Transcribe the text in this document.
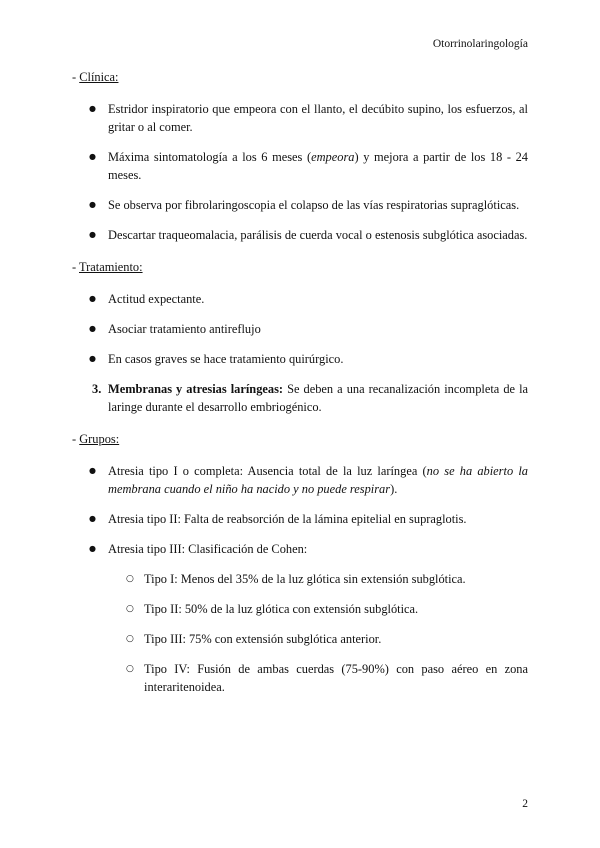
Otorrinolaringología
- Clínica:
● Estridor inspiratorio que empeora con el llanto, el decúbito supino, los esfuerzos, al gritar o al comer.
● Máxima sintomatología a los 6 meses (empeora) y mejora a partir de los 18 - 24 meses.
● Se observa por fibrolaringoscopia el colapso de las vías respiratorias supraglóticas.
● Descartar traqueomalacia, parálisis de cuerda vocal o estenosis subglótica asociadas.
- Tratamiento:
● Actitud expectante.
● Asociar tratamiento antireflujo
● En casos graves se hace tratamiento quirúrgico.
3. Membranas y atresias laríngeas: Se deben a una recanalización incompleta de la laringe durante el desarrollo embriogénico.
- Grupos:
● Atresia tipo I o completa: Ausencia total de la luz laríngea (no se ha abierto la membrana cuando el niño ha nacido y no puede respirar).
● Atresia tipo II: Falta de reabsorción de la lámina epitelial en supraglotis.
● Atresia tipo III: Clasificación de Cohen:
○ Tipo I: Menos del 35% de la luz glótica sin extensión subglótica.
○ Tipo II: 50% de la luz glótica con extensión subglótica.
○ Tipo III: 75% con extensión subglótica anterior.
○ Tipo IV: Fusión de ambas cuerdas (75-90%) con paso aéreo en zona interaritenoidea.
2
